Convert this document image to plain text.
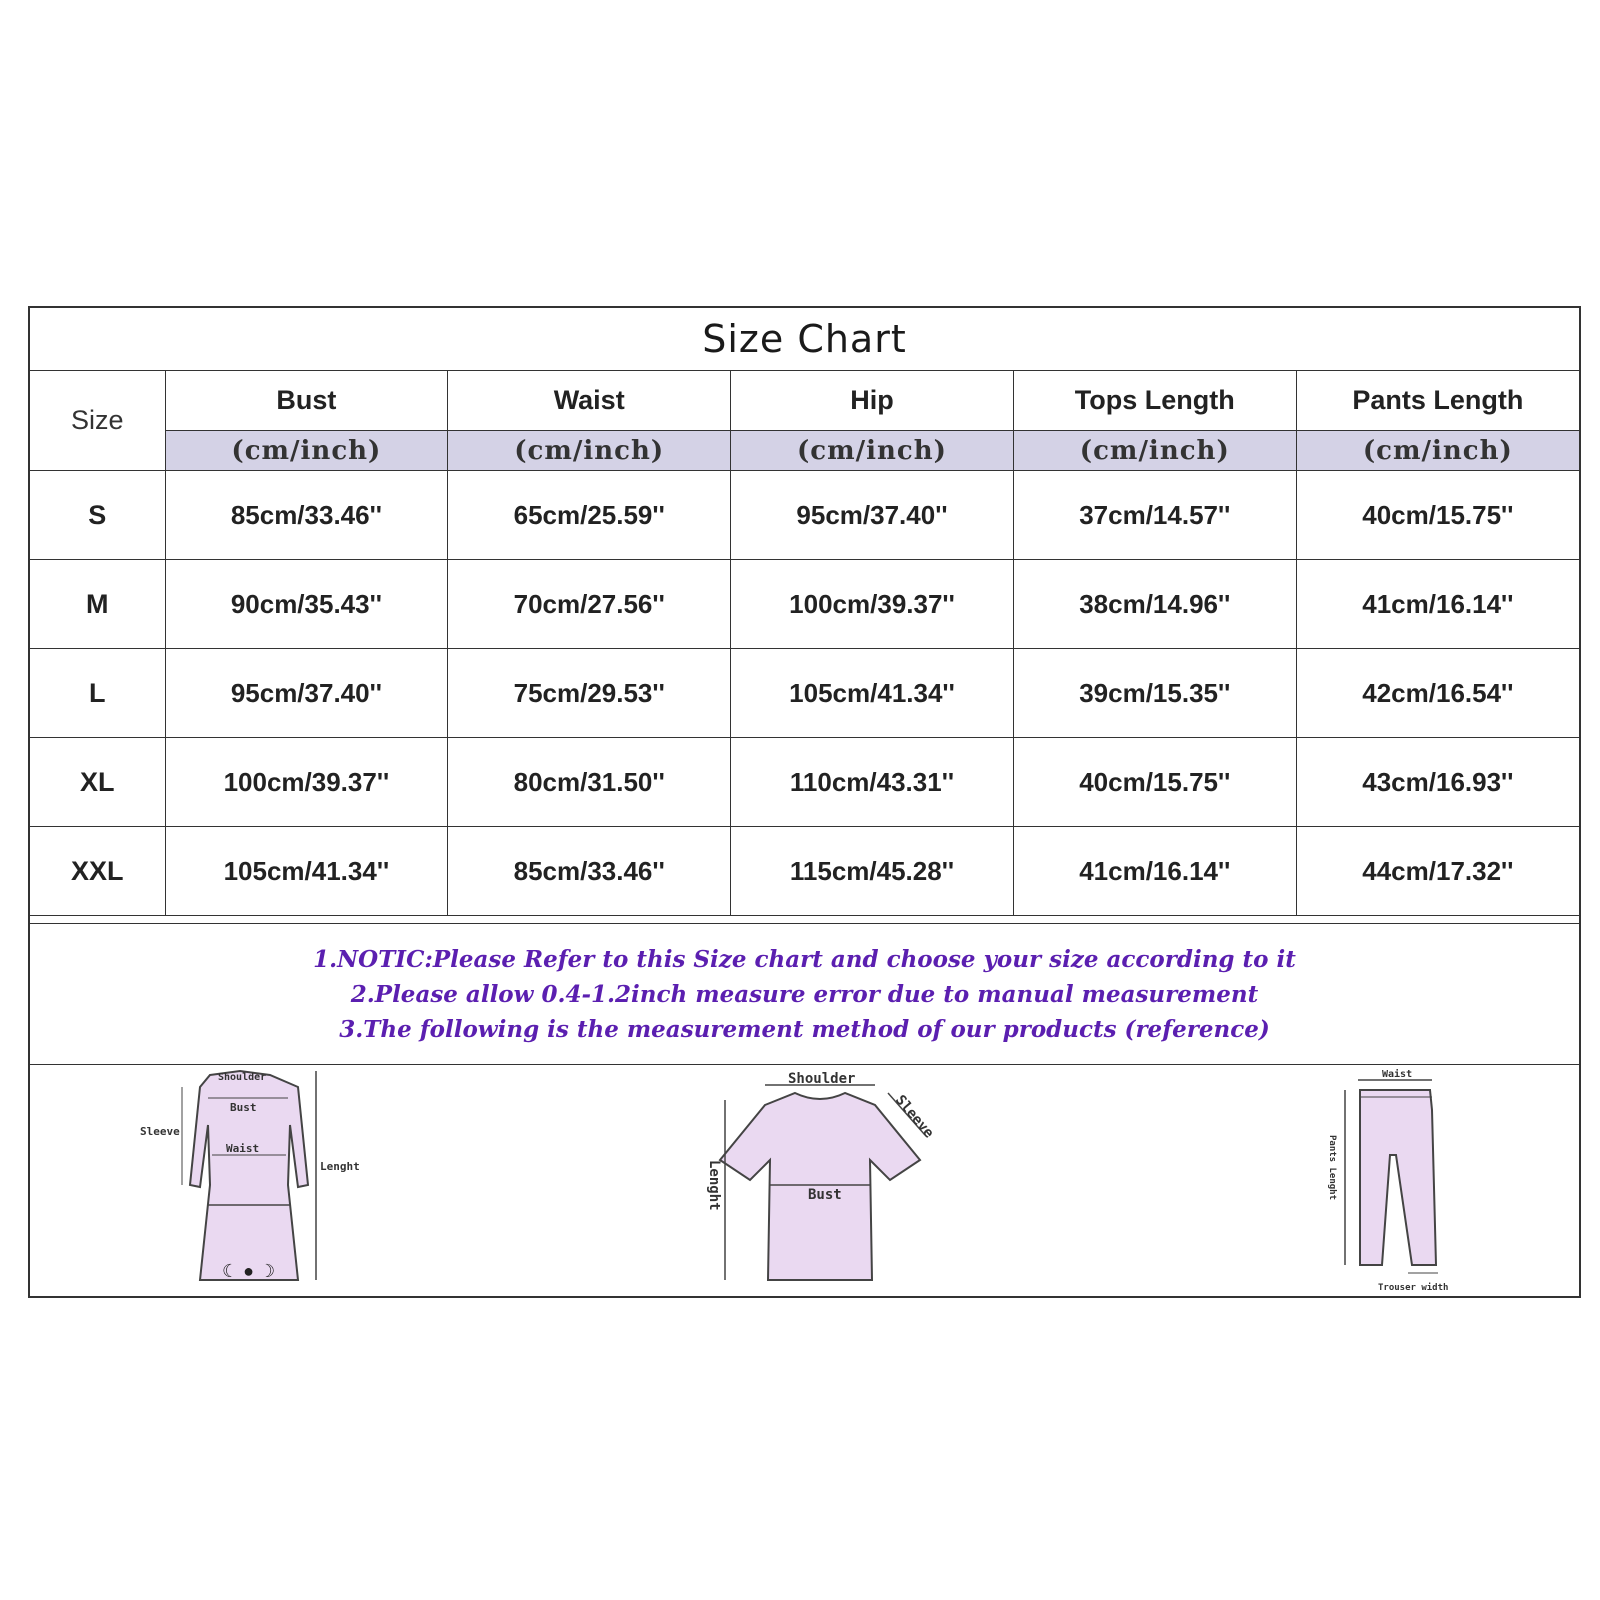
Size Chart
Size	Bust	Waist	Hip	Tops Length	Pants Length
	(cm/inch)	(cm/inch)	(cm/inch)	(cm/inch)	(cm/inch)
S	85cm/33.46''	65cm/25.59''	95cm/37.40''	37cm/14.57''	40cm/15.75''
M	90cm/35.43''	70cm/27.56''	100cm/39.37''	38cm/14.96''	41cm/16.14''
L	95cm/37.40''	75cm/29.53''	105cm/41.34''	39cm/15.35''	42cm/16.54''
XL	100cm/39.37''	80cm/31.50''	110cm/43.31''	40cm/15.75''	43cm/16.93''
XXL	105cm/41.34''	85cm/33.46''	115cm/45.28''	41cm/16.14''	44cm/17.32''
1.NOTIC:Please Refer to this Size chart and choose your size according to it
2.Please allow 0.4-1.2inch measure error due to manual measurement
3.The following is the measurement method of our products (reference)
Shoulder
Bust
Waist
Sleeve
Lenght
☾ ● ☽
Shoulder
Sleeve
Lenght	Bust
Waist
Pants Lenght
Trouser width
